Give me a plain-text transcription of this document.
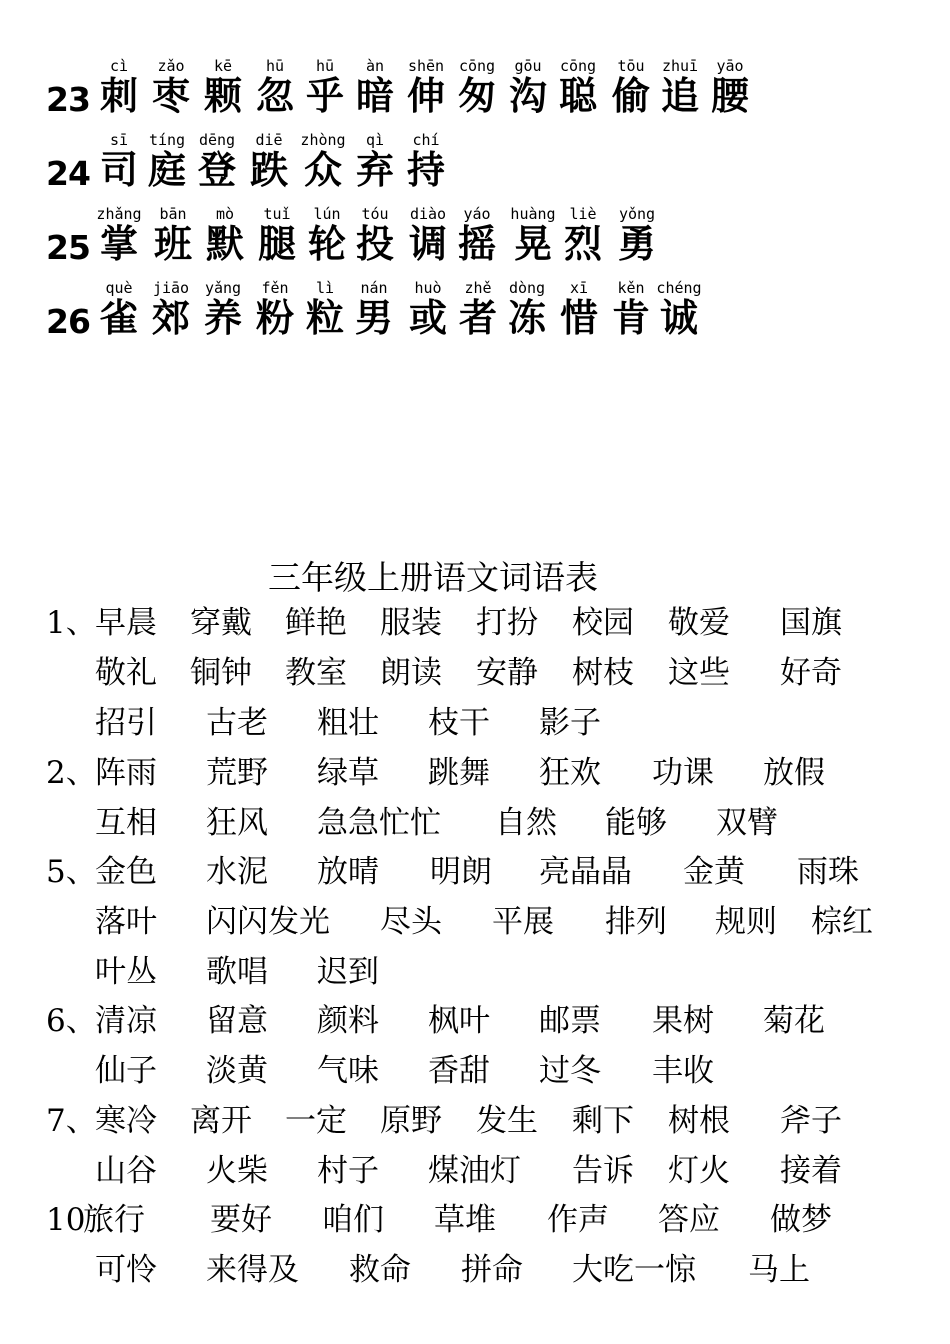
23
cì
刺
zǎo
枣
kē
颗
hū
忽
hū
乎
àn
暗
shēn
伸
cōng
匆
gōu
沟
cōng
聪
tōu
偷
zhuī
追
yāo
腰
24
sī
司
tíng
庭
dēng
登
diē
跌
zhòng
众
qì
弃
chí
持
25
zhǎng
掌
bān
班
mò
默
tuǐ
腿
lún
轮
tóu
投
diào
调
yáo
摇
huàng
晃
liè
烈
yǒng
勇
26
què
雀
jiāo
郊
yǎng
养
fěn
粉
lì
粒
nán
男
huò
或
zhě
者
dòng
冻
xī
惜
kěn
肯
chéng
诚
三年级上册语文词语表
1、
早晨 穿戴 鲜艳 服装 打扮 校园 敬爱 国旗
敬礼 铜钟 教室 朗读 安静 树枝 这些 好奇
招引 古老 粗壮 枝干 影子
2、
阵雨 荒野 绿草 跳舞 狂欢 功课 放假
互相 狂风 急急忙忙 自然 能够 双臂
5、
金色 水泥 放晴 明朗 亮晶晶 金黄 雨珠
落叶 闪闪发光 尽头 平展 排列 规则 棕红
叶丛 歌唱 迟到
6、
清凉 留意 颜料 枫叶 邮票 果树 菊花
仙子 淡黄 气味 香甜 过冬 丰收
7、
寒冷 离开 一定 原野 发生 剩下 树根 斧子
山谷 火柴 村子 煤油灯 告诉 灯火 接着
10
旅行 要好 咱们 草堆 作声 答应 做梦
可怜 来得及 救命 拼命 大吃一惊 马上
